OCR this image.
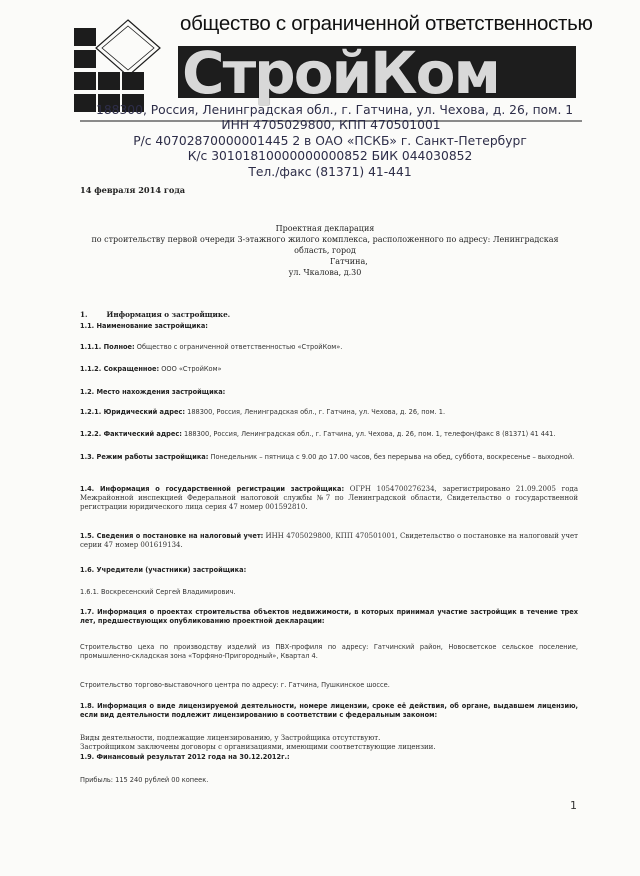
общество с ограниченной ответственностью
СтройКом
188300, Россия, Ленинградская обл., г. Гатчина, ул. Чехова, д. 26, пом. 1
ИНН 4705029800, КПП 470501001
Р/с 40702870000001445 2 в ОАО «ПСКБ» г. Санкт-Петербург
К/с 30101810000000000852 БИК 044030852
Тел./факс (81371) 41-441
14 февраля 2014 года
Проектная декларация
по строительству первой очереди 3-этажного жилого комплекса, расположенного по адресу: Ленинградская область, город
Гатчина,
ул. Чкалова, д.30
1.	Информация о застройщике.
1.1. Наименование застройщика:
1.1.1. Полное: Общество с ограниченной ответственностью «СтройКом».
1.1.2. Сокращенное: ООО «СтройКом»
1.2. Место нахождения застройщика:
1.2.1. Юридический адрес: 188300, Россия, Ленинградская обл., г. Гатчина, ул. Чехова, д. 26, пом. 1.
1.2.2. Фактический адрес: 188300, Россия, Ленинградская обл., г. Гатчина, ул. Чехова, д. 26, пом. 1, телефон/факс 8 (81371) 41 441.
1.3. Режим работы застройщика: Понедельник – пятница с 9.00 до 17.00 часов, без перерыва на обед, суббота, воскресенье – выходной.
1.4. Информация о государственной регистрации застройщика: ОГРН 1054700276234, зарегистрировано 21.09.2005 года Межрайонной инспекцией Федеральной налоговой службы №7 по Ленинградской области, Свидетельство о государственной регистрации юридического лица серия 47 номер 001592810.
1.5. Сведения о постановке на налоговый учет: ИНН 4705029800, КПП 470501001, Свидетельство о постановке на налоговый учет серии 47 номер 001619134.
1.6. Учредители (участники) застройщика:
1.6.1. Воскресенский Сергей Владимирович.
1.7. Информация о проектах строительства объектов недвижимости, в которых принимал участие застройщик в течение трех лет, предшествующих опубликованию проектной декларации:
Строительство цеха по производству изделий из ПВХ-профиля по адресу: Гатчинский район, Новосветское сельское поселение, промышленно-складская зона «Торфяно-Пригородный», Квартал 4.
Строительство торгово-выставочного центра по адресу: г. Гатчина, Пушкинское шоссе.
1.8. Информация о виде лицензируемой деятельности, номере лицензии, сроке её действия, об органе, выдавшем лицензию, если вид деятельности подлежит лицензированию в соответствии с федеральным законом:
Виды деятельности, подлежащие лицензированию, у Застройщика отсутствуют.
Застройщиком заключены договоры с организациями, имеющими соответствующие лицензии.
1.9. Финансовый результат 2012 года на 30.12.2012г.:
Прибыль: 115 240 рублей 00 копеек.
1
